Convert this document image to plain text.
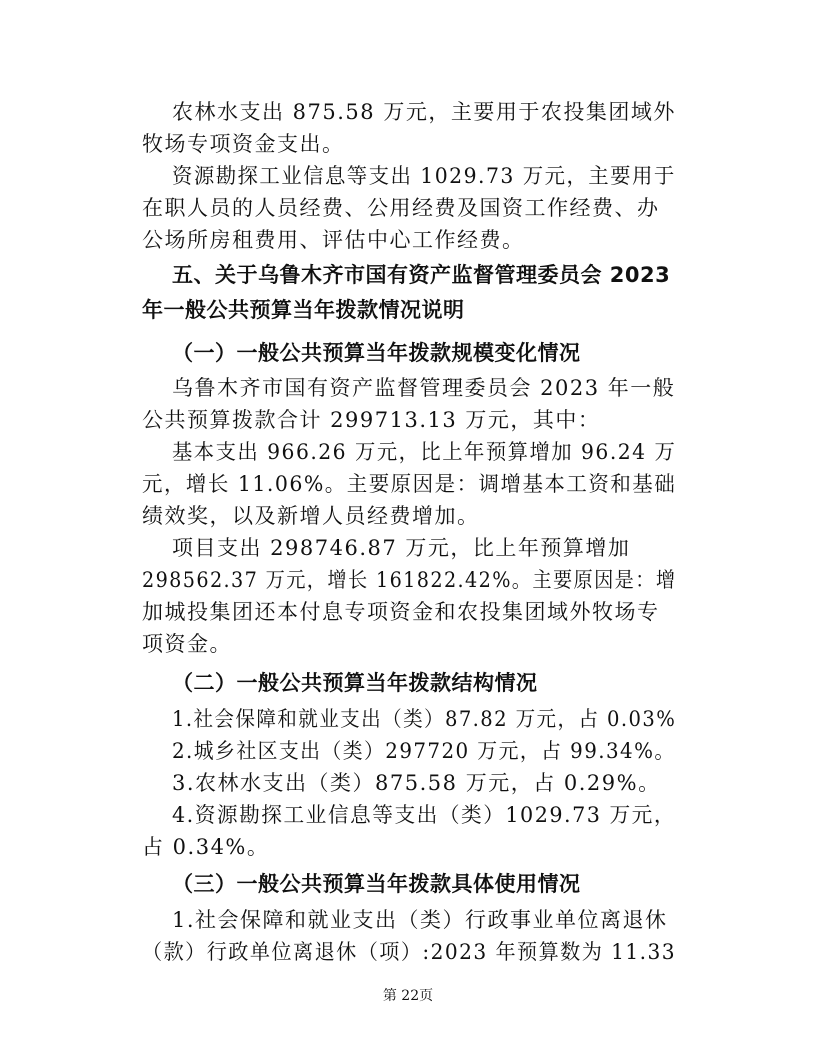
农林水支出 875.58 万元，主要用于农投集团域外
牧场专项资金支出。
资源勘探工业信息等支出 1029.73 万元，主要用于
在职人员的人员经费、公用经费及国资工作经费、办
公场所房租费用、评估中心工作经费。
五、关于乌鲁木齐市国有资产监督管理委员会 2023
年一般公共预算当年拨款情况说明
（一）一般公共预算当年拨款规模变化情况
乌鲁木齐市国有资产监督管理委员会 2023 年一般
公共预算拨款合计 299713.13 万元，其中：
基本支出 966.26 万元，比上年预算增加 96.24 万
元，增长 11.06%。主要原因是：调增基本工资和基础
绩效奖，以及新增人员经费增加。
项目支出 298746.87 万元，比上年预算增加
298562.37 万元，增长 161822.42%。主要原因是：增
加城投集团还本付息专项资金和农投集团域外牧场专
项资金。
（二）一般公共预算当年拨款结构情况
1.社会保障和就业支出（类）87.82 万元，占 0.03%
2.城乡社区支出（类）297720 万元，占 99.34%。
3.农林水支出（类）875.58 万元，占 0.29%。
4.资源勘探工业信息等支出（类）1029.73 万元，
占 0.34%。
（三）一般公共预算当年拨款具体使用情况
1.社会保障和就业支出（类）行政事业单位离退休
（款）行政单位离退休（项）:2023 年预算数为 11.33
第 22页
